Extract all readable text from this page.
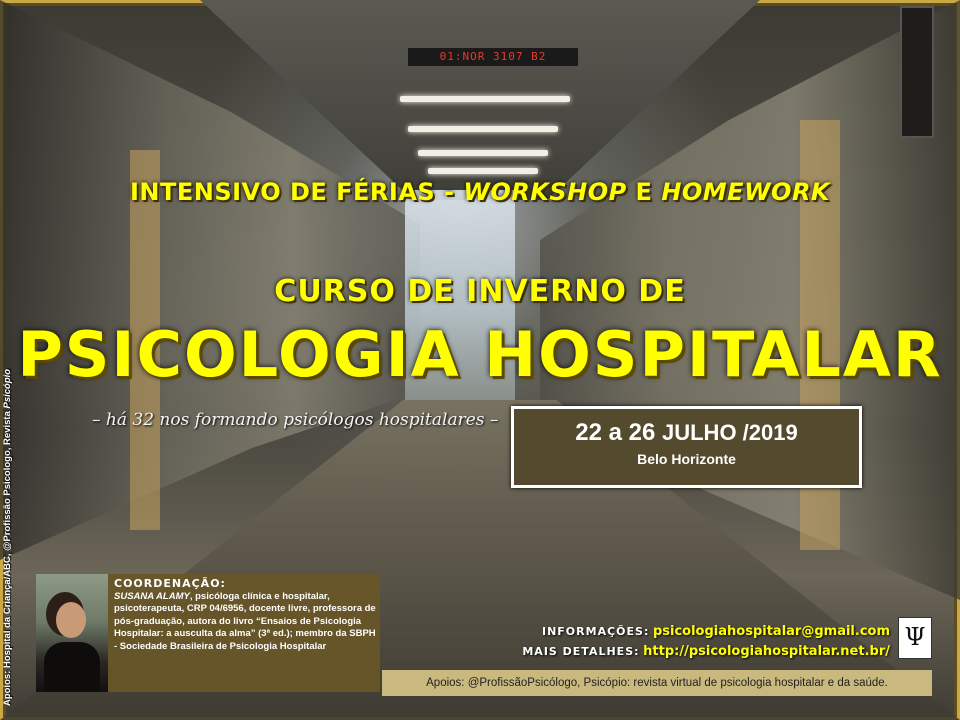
01:NOR 3107 B2
INTENSIVO DE FÉRIAS - WORKSHOP E HOMEWORK
CURSO DE INVERNO DE
PSICOLOGIA HOSPITALAR
– há 32 nos formando psicólogos hospitalares –	22 a 26 JULHO /2019
Belo Horizonte
COORDENAÇÃO:
SUSANA ALAMY, psicóloga clínica e hospitalar, psicoterapeuta, CRP 04/6956, docente livre, professora de pós-graduação, autora do livro “Ensaios de Psicologia Hospitalar: a ausculta da alma” (3ª ed.); membro da SBPH - Sociedade Brasileira de Psicologia Hospitalar
INFORMAÇÕES: psicologiahospitalar@gmail.com
MAIS DETALHES: http://psicologiahospitalar.net.br/
Ψ
Apoios: @ProfissãoPsicólogo, Psicópio: revista virtual de psicologia hospitalar e da saúde.
Apoios: Hospital da Criança/ABC, @Profissão Psicologo, Revista Psicópio
